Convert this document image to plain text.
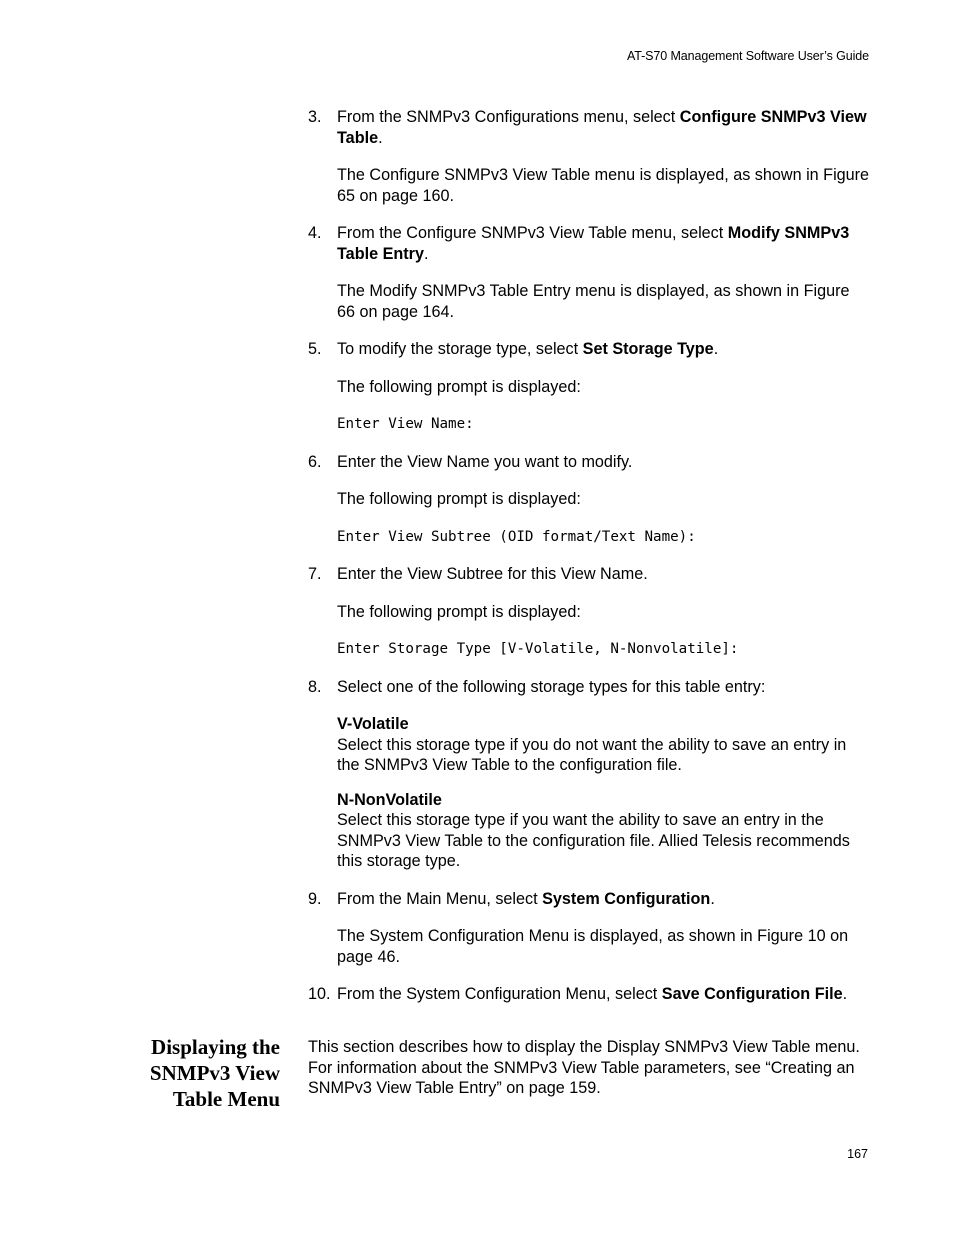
AT-S70 Management Software User’s Guide

3. From the SNMPv3 Configurations menu, select Configure SNMPv3 View Table.

The Configure SNMPv3 View Table menu is displayed, as shown in Figure 65 on page 160.

4. From the Configure SNMPv3 View Table menu, select Modify SNMPv3 Table Entry.

The Modify SNMPv3 Table Entry menu is displayed, as shown in Figure 66 on page 164.

5. To modify the storage type, select Set Storage Type.

The following prompt is displayed:

Enter View Name:

6. Enter the View Name you want to modify.

The following prompt is displayed:

Enter View Subtree (OID format/Text Name):

7. Enter the View Subtree for this View Name.

The following prompt is displayed:

Enter Storage Type [V-Volatile, N-Nonvolatile]:

8. Select one of the following storage types for this table entry:

V-Volatile
Select this storage type if you do not want the ability to save an entry in the SNMPv3 View Table to the configuration file.
N-NonVolatile
Select this storage type if you want the ability to save an entry in the SNMPv3 View Table to the configuration file. Allied Telesis recommends this storage type.

9. From the Main Menu, select System Configuration.

The System Configuration Menu is displayed, as shown in Figure 10 on page 46.

10. From the System Configuration Menu, select Save Configuration File.

Displaying the
SNMPv3 View
Table Menu

This section describes how to display the Display SNMPv3 View Table menu. For information about the SNMPv3 View Table parameters, see “Creating an SNMPv3 View Table Entry” on page 159.

167
